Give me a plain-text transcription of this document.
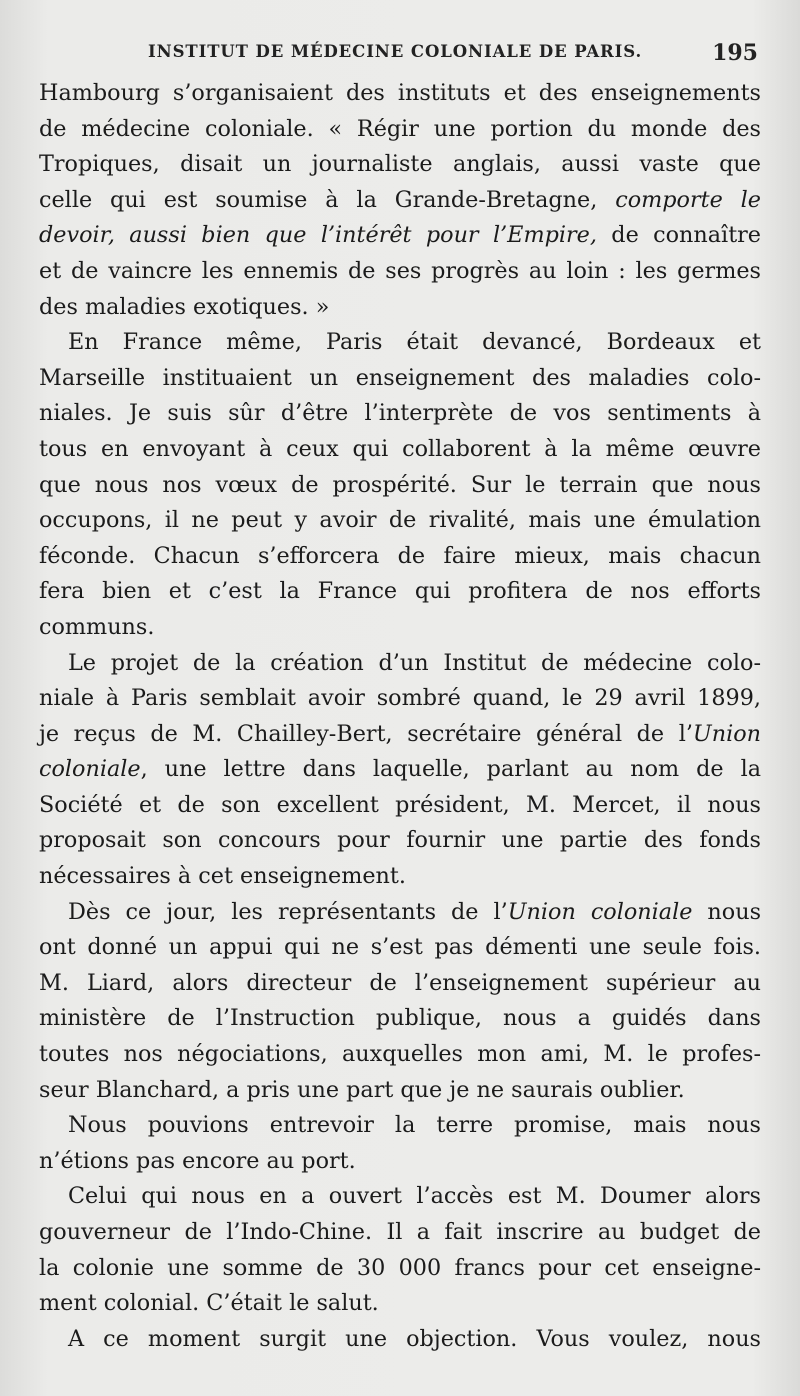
INSTITUT DE MÉDECINE COLONIALE DE PARIS.	195
Hambourg s’organisaient des instituts et des enseignements
de médecine coloniale. « Régir une portion du monde des
Tropiques, disait un journaliste anglais, aussi vaste que
celle qui est soumise à la Grande-Bretagne, comporte le
devoir, aussi bien que l’intérêt pour l’Empire, de connaître
et de vaincre les ennemis de ses progrès au loin : les germes
des maladies exotiques. »
En France même, Paris était devancé, Bordeaux et
Marseille instituaient un enseignement des maladies colo-
niales. Je suis sûr d’être l’interprète de vos sentiments à
tous en envoyant à ceux qui collaborent à la même œuvre
que nous nos vœux de prospérité. Sur le terrain que nous
occupons, il ne peut y avoir de rivalité, mais une émulation
féconde. Chacun s’efforcera de faire mieux, mais chacun
fera bien et c’est la France qui profitera de nos efforts
communs.
Le projet de la création d’un Institut de médecine colo-
niale à Paris semblait avoir sombré quand, le 29 avril 1899,
je reçus de M. Chailley-Bert, secrétaire général de l’Union
coloniale, une lettre dans laquelle, parlant au nom de la
Société et de son excellent président, M. Mercet, il nous
proposait son concours pour fournir une partie des fonds
nécessaires à cet enseignement.
Dès ce jour, les représentants de l’Union coloniale nous
ont donné un appui qui ne s’est pas démenti une seule fois.
M. Liard, alors directeur de l’enseignement supérieur au
ministère de l’Instruction publique, nous a guidés dans
toutes nos négociations, auxquelles mon ami, M. le profes-
seur Blanchard, a pris une part que je ne saurais oublier.
Nous pouvions entrevoir la terre promise, mais nous
n’étions pas encore au port.
Celui qui nous en a ouvert l’accès est M. Doumer alors
gouverneur de l’Indo-Chine. Il a fait inscrire au budget de
la colonie une somme de 30 000 francs pour cet enseigne-
ment colonial. C’était le salut.
A ce moment surgit une objection. Vous voulez, nous
